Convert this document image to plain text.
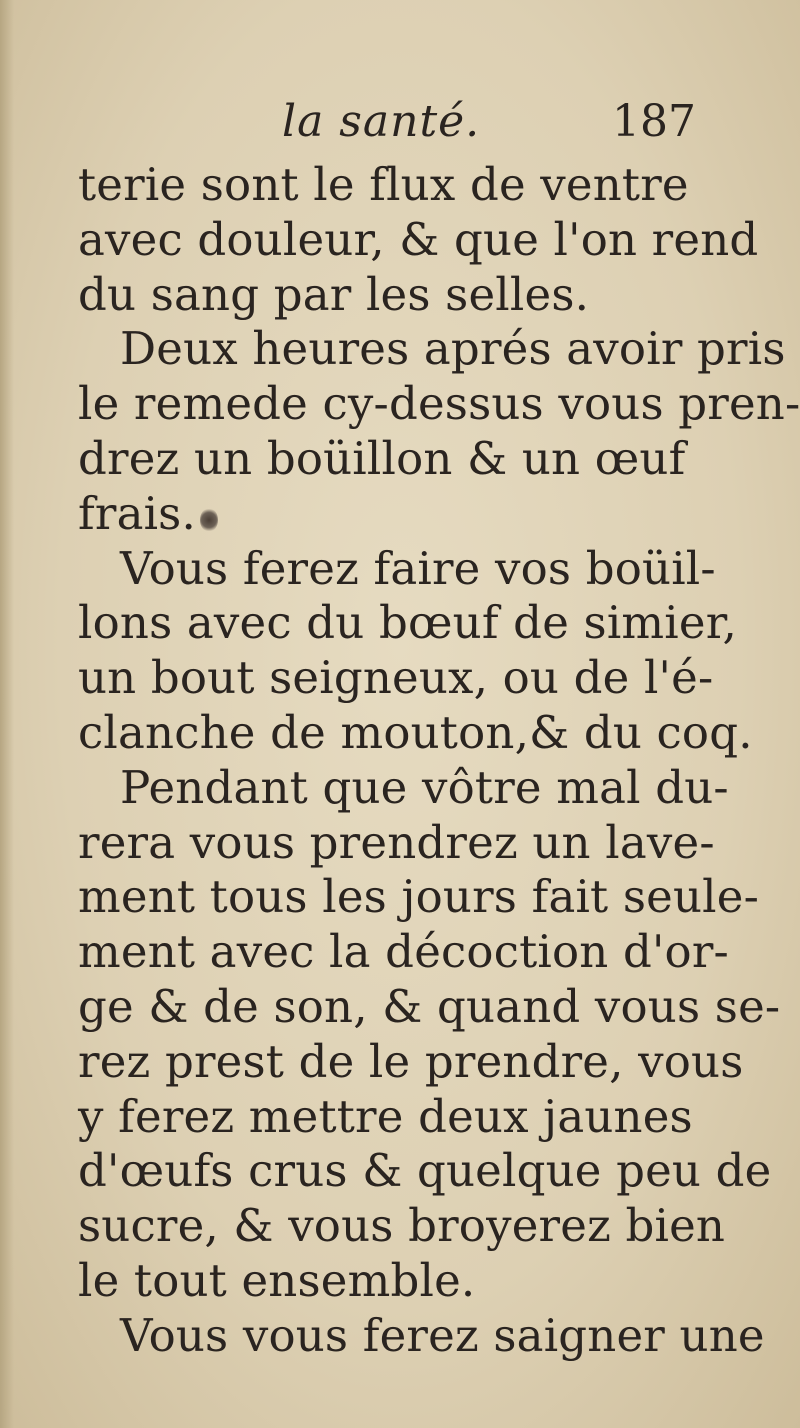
la santé.	187
terie sont le flux de ventre
avec douleur, & que l'on rend
du sang par les selles.
Deux heures aprés avoir pris
le remede cy-dessus vous pren-
drez un boüillon & un œuf
frais.
Vous ferez faire vos boüil-
lons avec du bœuf de simier,
un bout seigneux, ou de l'é-
clanche de mouton,& du coq.
Pendant que vôtre mal du-
rera vous prendrez un lave-
ment tous les jours fait seule-
ment avec la décoction d'or-
ge & de son, & quand vous se-
rez prest de le prendre, vous
y ferez mettre deux jaunes
d'œufs crus & quelque peu de
sucre, & vous broyerez bien
le tout ensemble.
Vous vous ferez saigner une
